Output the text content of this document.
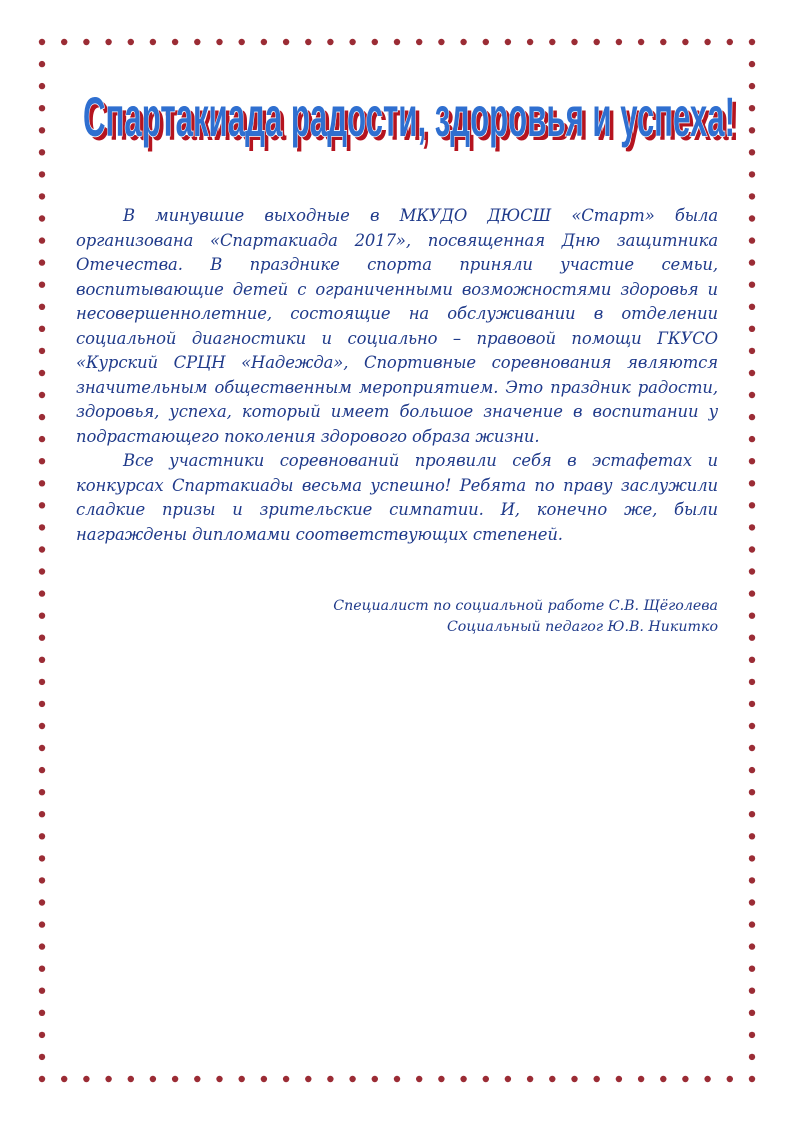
Спартакиада радости, здоровья и успеха!
Спартакиада радости, здоровья и успеха!

В минувшие выходные в МКУДО ДЮСШ «Старт» была организована «Спартакиада 2017», посвященная Дню защитника Отечества. В празднике спорта приняли участие семьи, воспитывающие детей с ограниченными возможностями здоровья и несовершеннолетние, состоящие на обслуживании в отделении социальной диагностики и социально – правовой помощи ГКУСО «Курский СРЦН «Надежда», Спортивные соревнования являются значительным общественным мероприятием. Это праздник радости, здоровья, успеха, который имеет большое значение в воспитании у подрастающего поколения здорового образа жизни.

Все участники соревнований проявили себя в эстафетах и конкурсах Спартакиады весьма успешно! Ребята по праву заслужили сладкие призы и зрительские симпатии. И, конечно же, были награждены дипломами соответствующих степеней.

Специалист по социальной работе С.В. Щёголева
Социальный педагог Ю.В. Никитко
